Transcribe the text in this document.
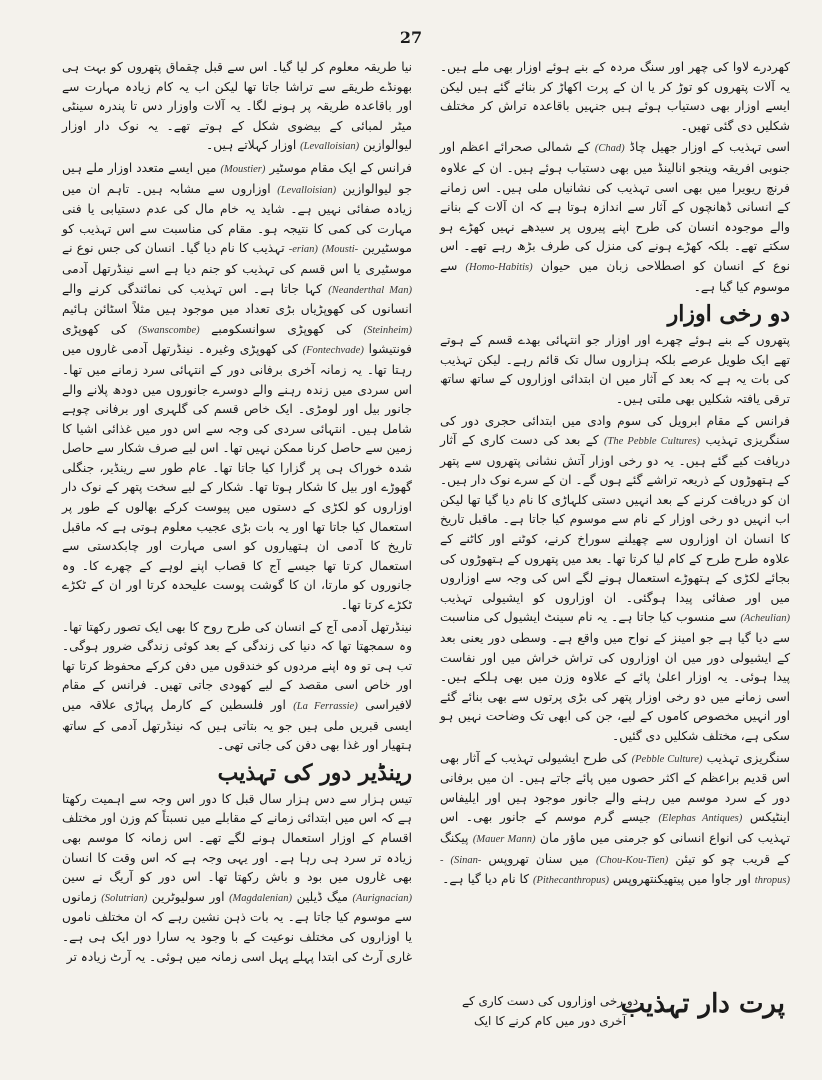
27

کھردرے لاوا کی چھر اور سنگ مردہ کے بنے ہوئے اوزار بھی ملے ہیں۔ یہ آلات پتھروں کو توڑ کر یا ان کے پرت اکھاڑ کر بنائے گئے ہیں لیکن ایسے اوزار بھی دستیاب ہوئے ہیں جنہیں باقاعدہ تراش کر مختلف شکلیں دی گئی تھیں۔

اسی تہذیب کے اوزار جھیل چاڈ (Chad) کے شمالی صحرائے اعظم اور جنوبی افریقہ وینجو انالینڈ میں بھی دستیاب ہوئے ہیں۔ ان کے علاوہ فرنچ ریویرا میں بھی اسی تہذیب کی نشانیاں ملی ہیں۔ اس زمانے کے انسانی ڈھانچوں کے آثار سے اندازہ ہوتا ہے کہ ان آلات کے بنانے والے موجودہ انسان کی طرح اپنے پیروں پر سیدھے نہیں کھڑے ہو سکتے تھے۔ بلکہ کھڑے ہونے کی منزل کی طرف بڑھ رہے تھے۔ اس نوع کے انسان کو اصطلاحی زبان میں حیوان (Homo-Habitis) سے موسوم کیا گیا ہے۔

دو رخی اوزار

پتھروں کے بنے ہوئے چھرے اور اوزار جو انتہائی بھدے قسم کے ہوتے تھے ایک طویل عرصے بلکہ ہزاروں سال تک قائم رہے۔ لیکن تہذیب کی بات یہ ہے کہ بعد کے آثار میں ان ابتدائی اوزاروں کے ساتھ ساتھ ترقی یافتہ شکلیں بھی ملتی ہیں۔

فرانس کے مقام ابرویل کی سوم وادی میں ابتدائی حجری دور کی سنگریزی تہذیب (The Pebble Cultures) کے بعد کی دست کاری کے آثار دریافت کیے گئے ہیں۔ یہ دو رخی اوزار آتش نشانی پتھروں سے پتھر کے ہتھوڑوں کے ذریعہ تراشے گئے ہوں گے۔ ان کے سرے نوک دار ہیں۔ ان کو دریافت کرنے کے بعد انہیں دستی کلہاڑی کا نام دیا گیا تھا لیکن اب انہیں دو رخی اوزار کے نام سے موسوم کیا جاتا ہے۔ ماقبل تاریخ کا انسان ان اوزاروں سے چھیلنے سوراخ کرنے، کوٹنے اور کاٹنے کے علاوہ طرح طرح کے کام لیا کرتا تھا۔ بعد میں پتھروں کے ہتھوڑوں کی بجائے لکڑی کے ہتھوڑے استعمال ہونے لگے اس کی وجہ سے اوزاروں میں اور صفائی پیدا ہوگئی۔ ان اوزاروں کو ایشیولی تہذیب (Acheulian) سے منسوب کیا جاتا ہے۔ یہ نام سینٹ ایشیول کی مناسبت سے دیا گیا ہے جو امینز کے نواح میں واقع ہے۔ وسطی دور یعنی بعد کے ایشیولی دور میں ان اوزاروں کی تراش خراش میں اور نفاست پیدا ہوئی۔ یہ اوزار اعلیٰ پائے کے علاوہ وزن میں بھی ہلکے ہیں۔ اسی زمانے میں دو رخی اوزار پتھر کی بڑی پرتوں سے بھی بنائے گئے اور انہیں مخصوص کاموں کے لیے، جن کی ابھی تک وضاحت نہیں ہو سکی ہے، مختلف شکلیں دی گئیں۔

سنگریزی تہذیب (Pebble Culture) کی طرح ایشیولی تہذیب کے آثار بھی اس قدیم براعظم کے اکثر حصوں میں پائے جاتے ہیں۔ ان میں برفانی دور کے سرد موسم میں رہنے والے جانور موجود ہیں اور ایلیفاس اینٹیکس (Elephas Antiques) جیسے گرم موسم کے جانور بھی۔ اس تہذیب کی انواع انسانی کو جرمنی میں ماؤر مان (Mauer Mann) پیکنگ کے قریب چو کو تیئن (Chou-Kou-Tien) میں سنان تھروپس (Sinan- -thropus) اور جاوا میں پیتھیکنتھروپس (Pithecanthropus) کا نام دیا گیا ہے۔

نیا طریقہ معلوم کر لیا گیا۔ اس سے قبل چقماق پتھروں کو بہت ہی بھونڈے طریقے سے تراشا جاتا تھا لیکن اب یہ کام زیادہ مہارت سے اور باقاعدہ طریقہ پر ہونے لگا۔ یہ آلات واوزار دس تا پندرہ سینٹی میٹر لمبائی کے بیضوی شکل کے ہوتے تھے۔ یہ نوک دار اوزار لیوالوازین (Levalloisian) اوزار کہلاتے ہیں۔

فرانس کے ایک مقام موسٹیر (Moustier) میں ایسے متعدد اوزار ملے ہیں جو لیوالوازین (Levalloisian) اوزاروں سے مشابہ ہیں۔ تاہم ان میں زیادہ صفائی نہیں ہے۔ شاید یہ خام مال کی عدم دستیابی یا فنی مہارت کی کمی کا نتیجہ ہو۔ مقام کی مناسبت سے اس تہذیب کو موسٹیرین (Mousti- -erian) تہذیب کا نام دیا گیا۔ انسان کی جس نوع نے موسٹیری یا اس قسم کی تہذیب کو جنم دیا ہے اسے نینڈرتھل آدمی (Neanderthal Man) کہا جاتا ہے۔ اس تہذیب کی نمائندگی کرنے والے انسانوں کی کھوپڑیاں بڑی تعداد میں موجود ہیں مثلاً اسٹائن ہائیم (Steinheim) کی کھوپڑی سوانسکومبے (Swanscombe) کی کھوپڑی فونتیشوا (Fontechvade) کی کھوپڑی وغیرہ۔ نینڈرتھل آدمی غاروں میں رہتا تھا۔ یہ زمانہ آخری برفانی دور کے انتہائی سرد زمانے میں تھا۔ اس سردی میں زندہ رہنے والے دوسرے جانوروں میں دودھ پلانے والے جانور بیل اور لومڑی۔ ایک خاص قسم کی گلہری اور برفانی چوہے شامل ہیں۔ انتہائی سردی کی وجہ سے اس دور میں غذائی اشیا کا زمین سے حاصل کرنا ممکن نہیں تھا۔ اس لیے صرف شکار سے حاصل شدہ خوراک ہی پر گزارا کیا جاتا تھا۔ عام طور سے رینڈیر، جنگلی گھوڑے اور بیل کا شکار ہوتا تھا۔ شکار کے لیے سخت پتھر کے نوک دار اوزاروں کو لکڑی کے دستوں میں پیوست کرکے بھالوں کے طور پر استعمال کیا جاتا تھا اور یہ بات بڑی عجیب معلوم ہوتی ہے کہ ماقبل تاریخ کا آدمی ان ہتھیاروں کو اسی مہارت اور چابکدستی سے استعمال کرتا تھا جیسے آج کا قصاب اپنے لوہے کے چھرے کا۔ وہ جانوروں کو مارتا، ان کا گوشت پوست علیحدہ کرتا اور ان کے ٹکڑے ٹکڑے کرتا تھا۔

نینڈرتھل آدمی آج کے انسان کی طرح روح کا بھی ایک تصور رکھتا تھا۔ وہ سمجھتا تھا کہ دنیا کی زندگی کے بعد کوئی زندگی ضرور ہوگی۔ تب ہی تو وہ اپنے مردوں کو خندقوں میں دفن کرکے محفوظ کرتا تھا اور خاص اسی مقصد کے لیے کھودی جاتی تھیں۔ فرانس کے مقام لافیراسی (La Ferrassie) اور فلسطین کے کارمل پہاڑی علاقہ میں ایسی قبریں ملی ہیں جو یہ بتاتی ہیں کہ نینڈرتھل آدمی کے ساتھ ہتھیار اور غذا بھی دفن کی جاتی تھی۔

رینڈیر دور کی تہذیب

تیس ہزار سے دس ہزار سال قبل کا دور اس وجہ سے اہمیت رکھتا ہے کہ اس میں ابتدائی زمانے کے مقابلے میں نسبتاً کم وزن اور مختلف اقسام کے اوزار استعمال ہونے لگے تھے۔ اس زمانہ کا موسم بھی زیادہ تر سرد ہی رہا ہے۔ اور یہی وجہ ہے کہ اس وقت کا انسان بھی غاروں میں بود و باش رکھتا تھا۔ اس دور کو آریگ نے سین (Aurignacian) میگ ڈیلین (Magdalenian) اور سولیوٹرین (Solutrian) زمانوں سے موسوم کیا جاتا ہے۔ یہ بات ذہن نشین رہے کہ ان مختلف ناموں یا اوزاروں کی مختلف نوعیت کے با وجود یہ سارا دور ایک ہی ہے۔ غاری آرٹ کی ابتدا پہلے پہل اسی زمانہ میں ہوئی۔ یہ آرٹ زیادہ تر

پرت دار تہذیب
دو رخی اوزاروں کی دست کاری کے آخری دور میں کام کرنے کا ایک
